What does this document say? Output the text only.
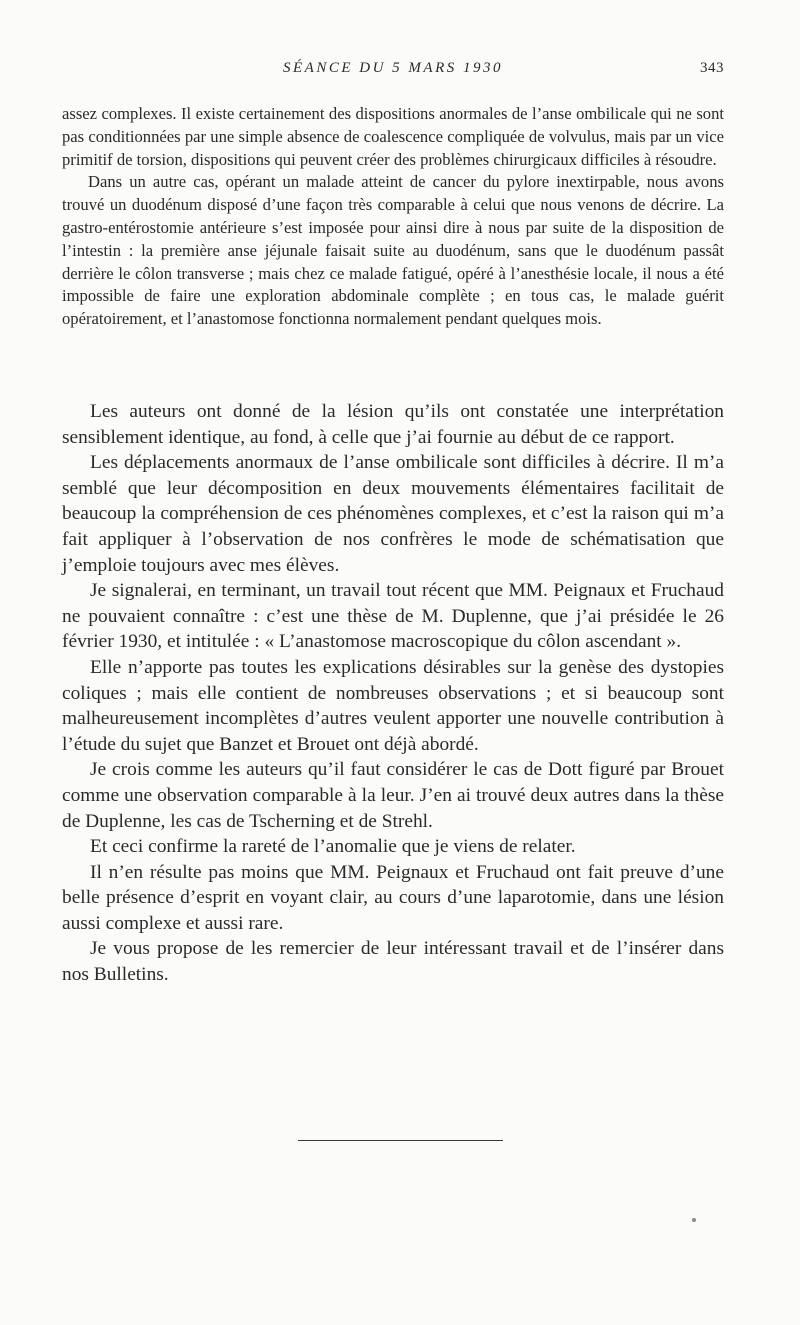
SÉANCE DU 5 MARS 1930	343

assez complexes. Il existe certainement des dispositions anormales de l’anse ombilicale qui ne sont pas conditionnées par une simple absence de coalescence compliquée de volvulus, mais par un vice primitif de torsion, dispositions qui peuvent créer des problèmes chirurgicaux difficiles à résoudre.

Dans un autre cas, opérant un malade atteint de cancer du pylore inextirpable, nous avons trouvé un duodénum disposé d’une façon très comparable à celui que nous venons de décrire. La gastro-entérostomie antérieure s’est imposée pour ainsi dire à nous par suite de la disposition de l’intestin : la première anse jéjunale faisait suite au duodénum, sans que le duodénum passât derrière le côlon transverse ; mais chez ce malade fatigué, opéré à l’anesthésie locale, il nous a été impossible de faire une exploration abdominale complète ; en tous cas, le malade guérit opératoirement, et l’anastomose fonctionna normalement pendant quelques mois.

Les auteurs ont donné de la lésion qu’ils ont constatée une interprétation sensiblement identique, au fond, à celle que j’ai fournie au début de ce rapport.

Les déplacements anormaux de l’anse ombilicale sont difficiles à décrire. Il m’a semblé que leur décomposition en deux mouvements élémentaires facilitait de beaucoup la compréhension de ces phénomènes complexes, et c’est la raison qui m’a fait appliquer à l’observation de nos confrères le mode de schématisation que j’emploie toujours avec mes élèves.

Je signalerai, en terminant, un travail tout récent que MM. Peignaux et Fruchaud ne pouvaient connaître : c’est une thèse de M. Duplenne, que j’ai présidée le 26 février 1930, et intitulée : « L’anastomose macroscopique du côlon ascendant ».

Elle n’apporte pas toutes les explications désirables sur la genèse des dystopies coliques ; mais elle contient de nombreuses observations ; et si beaucoup sont malheureusement incomplètes d’autres veulent apporter une nouvelle contribution à l’étude du sujet que Banzet et Brouet ont déjà abordé.

Je crois comme les auteurs qu’il faut considérer le cas de Dott figuré par Brouet comme une observation comparable à la leur. J’en ai trouvé deux autres dans la thèse de Duplenne, les cas de Tscherning et de Strehl.

Et ceci confirme la rareté de l’anomalie que je viens de relater.

Il n’en résulte pas moins que MM. Peignaux et Fruchaud ont fait preuve d’une belle présence d’esprit en voyant clair, au cours d’une laparotomie, dans une lésion aussi complexe et aussi rare.

Je vous propose de les remercier de leur intéressant travail et de l’insérer dans nos Bulletins.
